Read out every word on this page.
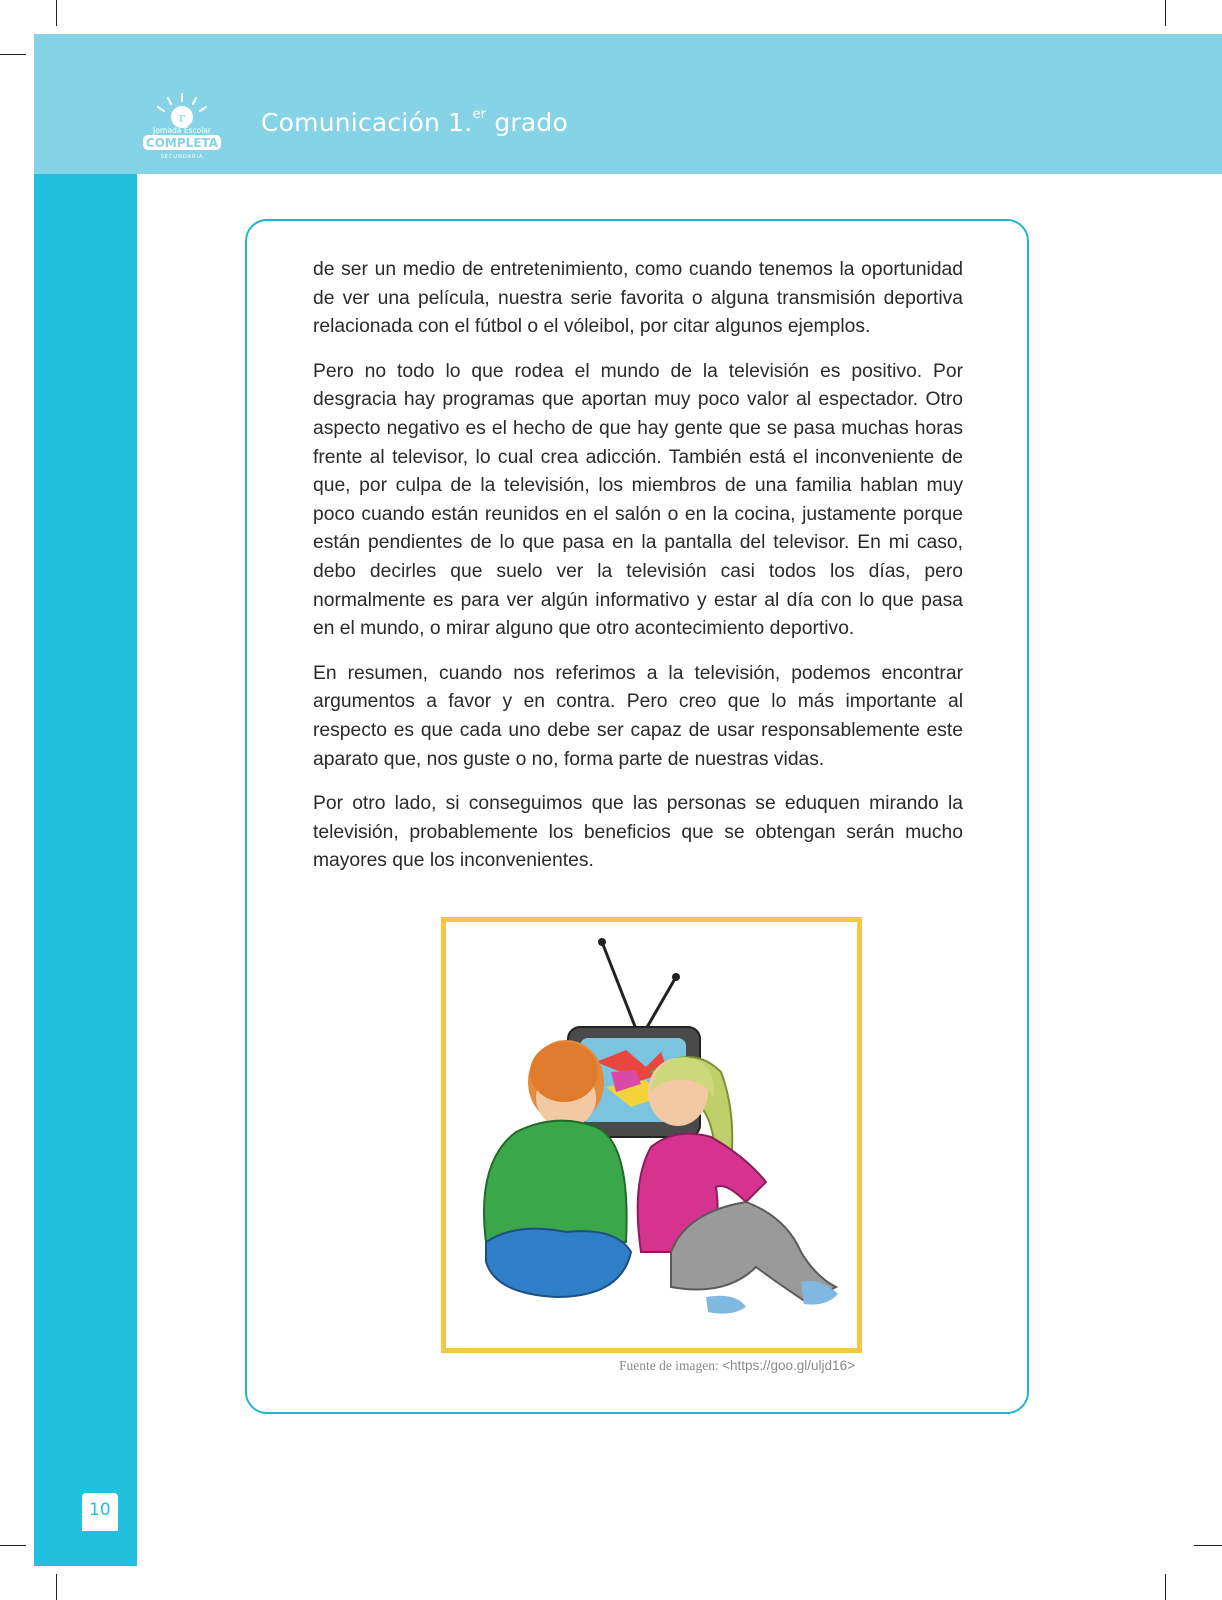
r
Jornada Escolar
COMPLETA
SECUNDARIA
Comunicación 1.$^{er}$ grado

de ser un medio de entretenimiento, como cuando tenemos la oportunidad de ver una película, nuestra serie favorita o alguna transmisión deportiva relacionada con el fútbol o el vóleibol, por citar algunos ejemplos.

Pero no todo lo que rodea el mundo de la televisión es positivo. Por desgracia hay programas que aportan muy poco valor al espectador. Otro aspecto negativo es el hecho de que hay gente que se pasa muchas horas frente al televisor, lo cual crea adicción. También está el inconveniente de que, por culpa de la televisión, los miembros de una familia hablan muy poco cuando están reunidos en el salón o en la cocina, justamente porque están pendientes de lo que pasa en la pantalla del televisor. En mi caso, debo decirles que suelo ver la televisión casi todos los días, pero normalmente es para ver algún informativo y estar al día con lo que pasa en el mundo, o mirar alguno que otro acontecimiento deportivo.

En resumen, cuando nos referimos a la televisión, podemos encontrar argumentos a favor y en contra. Pero creo que lo más importante al respecto es que cada uno debe ser capaz de usar responsablemente este aparato que, nos guste o no, forma parte de nuestras vidas.

Por otro lado, si conseguimos que las personas se eduquen mirando la televisión, probablemente los beneficios que se obtengan serán mucho mayores que los inconvenientes.

Fuente de imagen: <https://goo.gl/uljd16>
10
